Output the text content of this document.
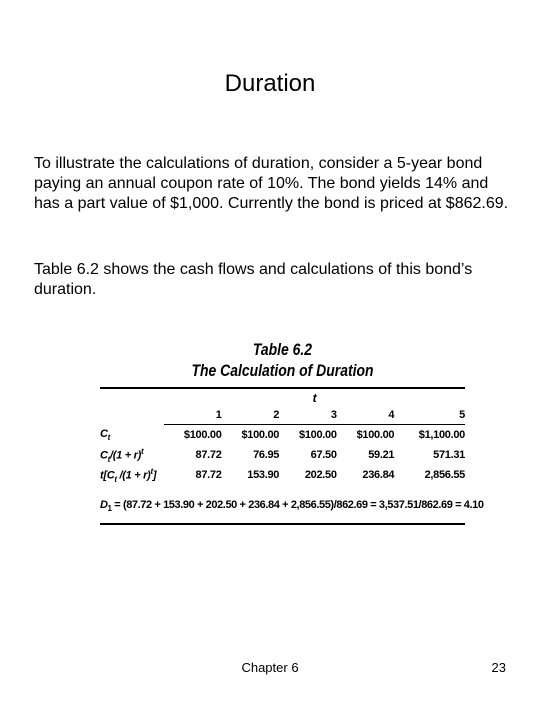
Duration

To illustrate the calculations of duration, consider a 5-year bond paying an annual coupon rate of 10%. The bond yields 14% and has a part value of $1,000. Currently the bond is priced at $862.69.

Table 6.2 shows the cash flows and calculations of this bond’s duration.

Table 6.2
The Calculation of Duration
	t				
	1	2	3	4	5
$C_t$	$100.00	$100.00	$100.00	$100.00	$1,100.00
$C_t/(1 + r)^t$	87.72	76.95	67.50	59.21	571.31
$t[C_t$ $/(1 + r)^t$]	87.72	153.90	202.50	236.84	2,856.55
$D_1 = (87.72 + 153.90 + 202.50 + 236.84 + 2,856.55)/862.69 = 3,537.51/862.69 = 4.10$
Chapter 6	23
